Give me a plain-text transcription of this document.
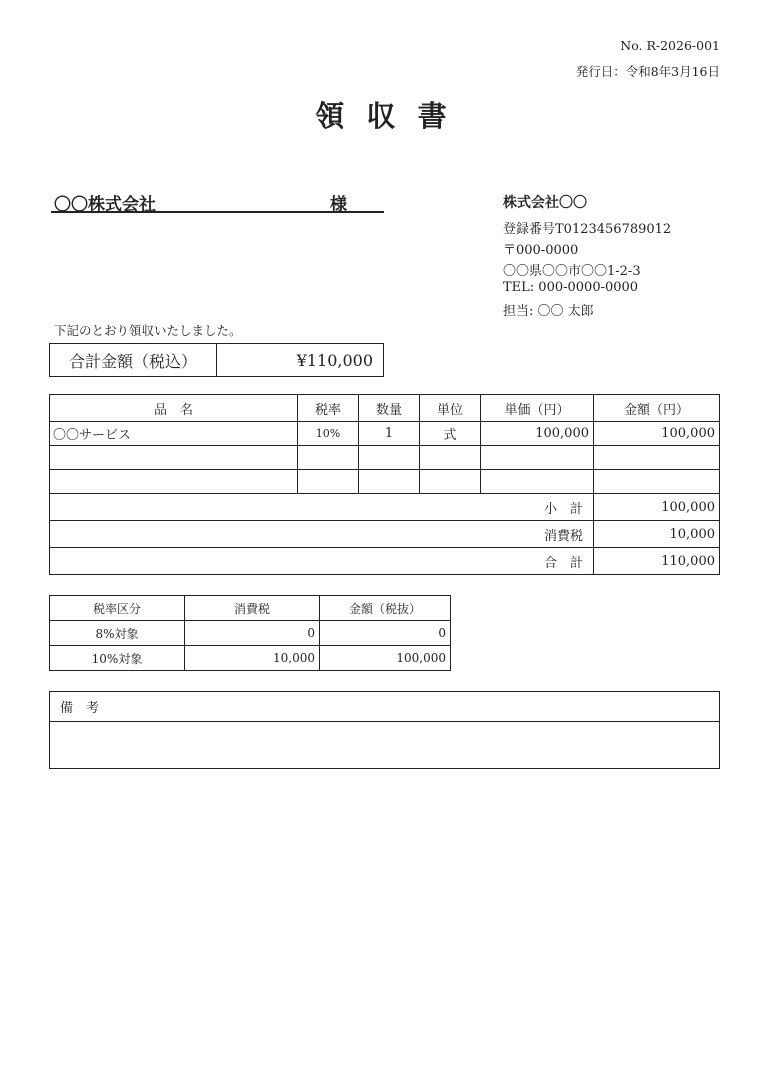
No. R-2026-001
発行日：令和8年3月16日
領 収 書
〇〇株式会社	様	株式会社〇〇
登録番号T0123456789012
〒000-0000
〇〇県〇〇市〇〇1-2-3
TEL: 000-0000-0000
担当: 〇〇 太郎
下記のとおり領収いたしました。
合計金額（税込）	¥110,000
品　名	税率	数量	単位	単価（円）	金額（円）
〇〇サービス	10%	1	式	100,000	100,000

小　計					100,000
消費税					10,000
合　計					110,000
税率区分	消費税	金額（税抜）
8%対象	0	0
10%対象	10,000	100,000
備　考
